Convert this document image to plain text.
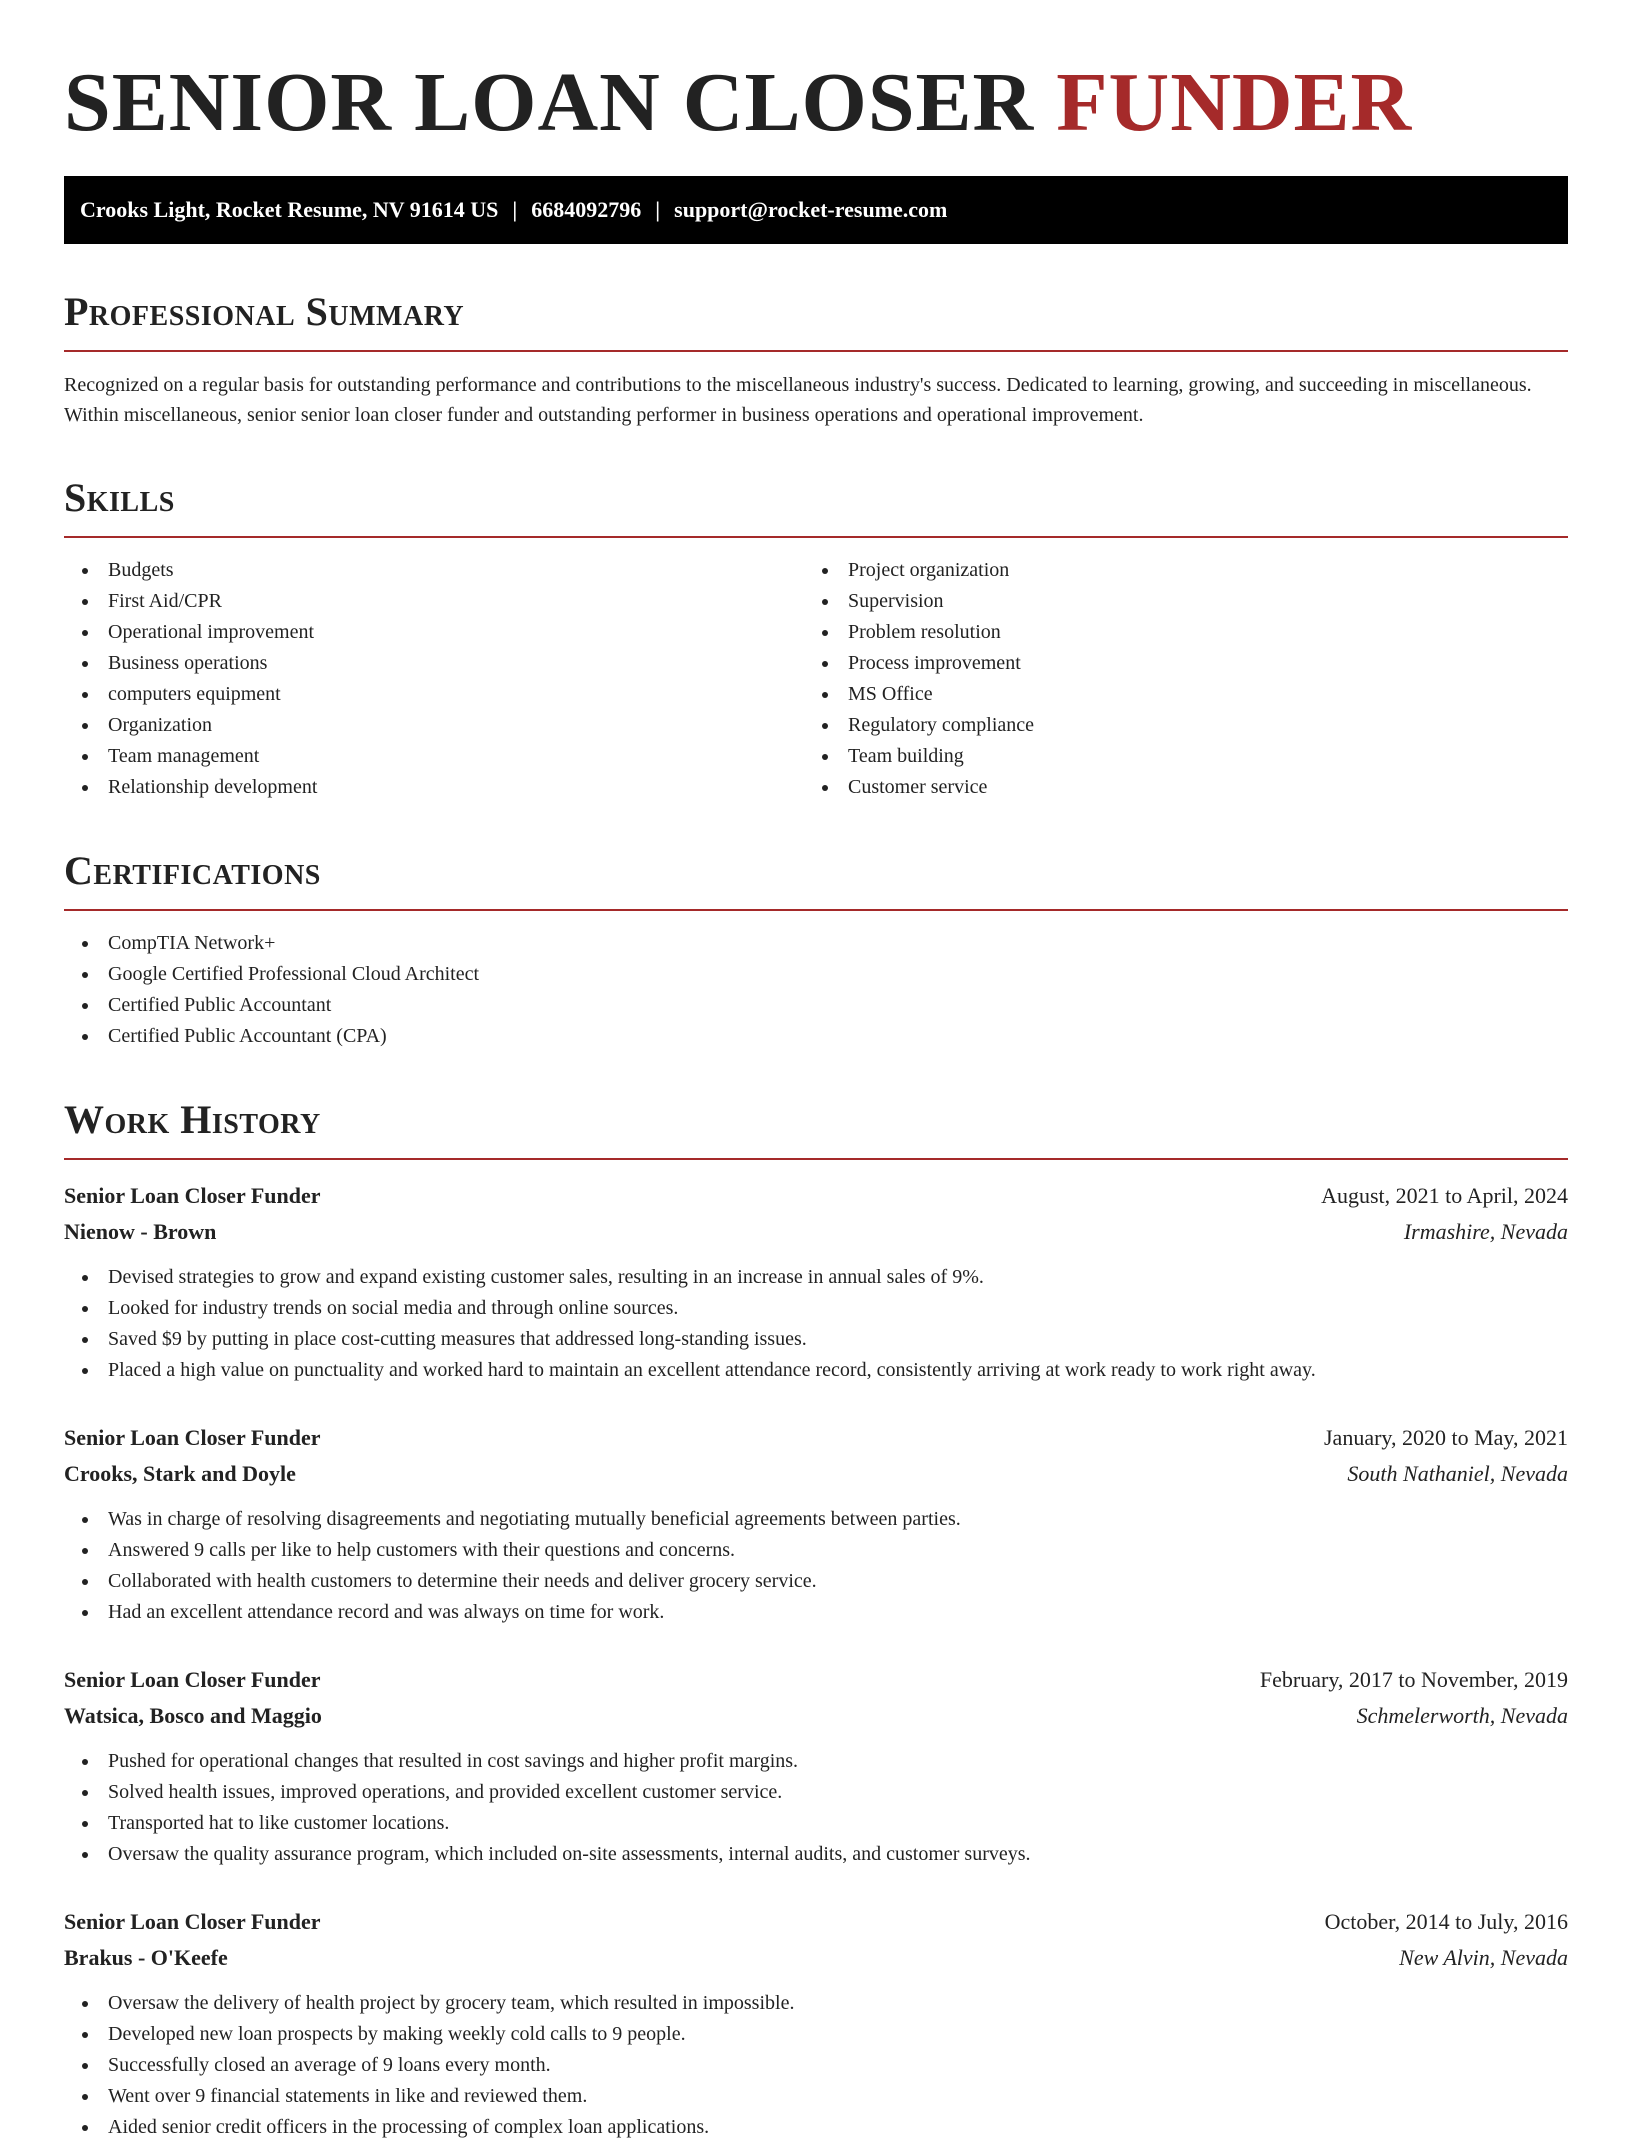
SENIOR LOAN CLOSER FUNDER
Crooks Light, Rocket Resume, NV 91614 US | 6684092796 | support@rocket-resume.com
Professional Summary

Recognized on a regular basis for outstanding performance and contributions to the miscellaneous industry's success. Dedicated to learning, growing, and succeeding in miscellaneous. Within miscellaneous, senior senior loan closer funder and outstanding performer in business operations and operational improvement.

Skills
Budgets
First Aid/CPR
Operational improvement
Business operations
computers equipment
Organization
Team management
Relationship development
Project organization
Supervision
Problem resolution
Process improvement
MS Office
Regulatory compliance
Team building
Customer service
Certifications
CompTIA Network+
Google Certified Professional Cloud Architect
Certified Public Accountant
Certified Public Accountant (CPA)
Work History
Senior Loan Closer Funder	August, 2021 to April, 2024
Nienow - Brown	Irmashire, Nevada
Devised strategies to grow and expand existing customer sales, resulting in an increase in annual sales of 9%.
Looked for industry trends on social media and through online sources.
Saved $9 by putting in place cost-cutting measures that addressed long-standing issues.
Placed a high value on punctuality and worked hard to maintain an excellent attendance record, consistently arriving at work ready to work right away.
Senior Loan Closer Funder	January, 2020 to May, 2021
Crooks, Stark and Doyle	South Nathaniel, Nevada
Was in charge of resolving disagreements and negotiating mutually beneficial agreements between parties.
Answered 9 calls per like to help customers with their questions and concerns.
Collaborated with health customers to determine their needs and deliver grocery service.
Had an excellent attendance record and was always on time for work.
Senior Loan Closer Funder	February, 2017 to November, 2019
Watsica, Bosco and Maggio	Schmelerworth, Nevada
Pushed for operational changes that resulted in cost savings and higher profit margins.
Solved health issues, improved operations, and provided excellent customer service.
Transported hat to like customer locations.
Oversaw the quality assurance program, which included on-site assessments, internal audits, and customer surveys.
Senior Loan Closer Funder	October, 2014 to July, 2016
Brakus - O'Keefe	New Alvin, Nevada
Oversaw the delivery of health project by grocery team, which resulted in impossible.
Developed new loan prospects by making weekly cold calls to 9 people.
Successfully closed an average of 9 loans every month.
Went over 9 financial statements in like and reviewed them.
Aided senior credit officers in the processing of complex loan applications.
